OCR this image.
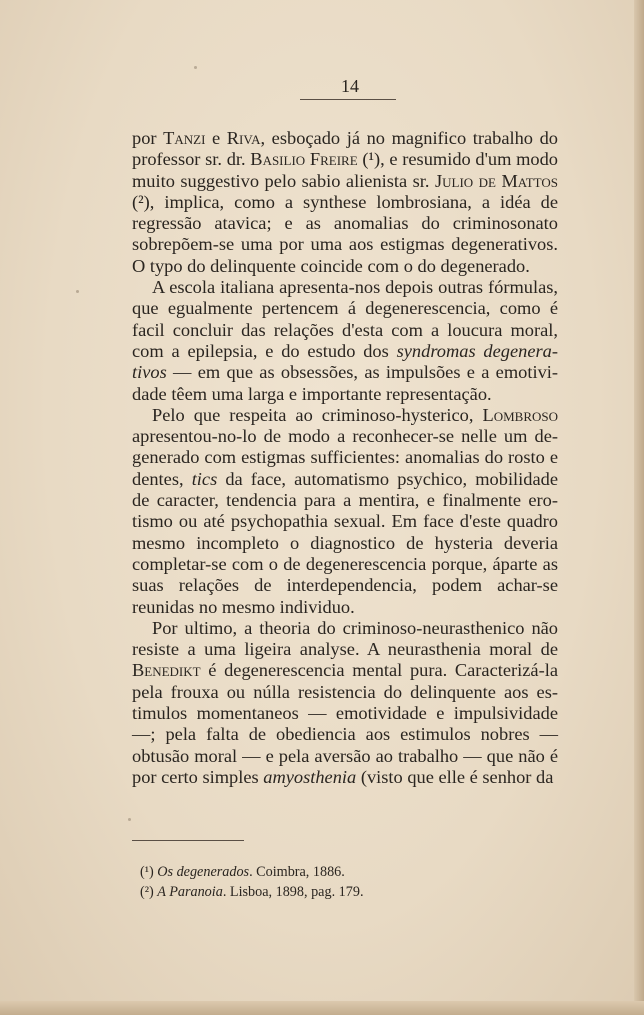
14

por Tanzi e Riva, esboçado já no magnifico trabalho do professor sr. dr. Basilio Freire (¹), e resumido d'um modo muito suggestivo pelo sabio alienista sr. Julio de Mattos (²), implica, como a synthese lombrosiana, a idéa de regressão atavica; e as anomalias do criminosonato sobrepõem-se uma por uma aos estigmas degenerativos. O typo do delinquente coincide com o do degenerado.

A escola italiana apresenta-nos depois outras fórmulas, que egualmente pertencem á degenerescencia, como é facil concluir das relações d'esta com a loucura moral, com a epilepsia, e do estudo dos syndromas degenerativos — em que as obsessões, as impulsões e a emotividade têem uma larga e importante representação.

Pelo que respeita ao criminoso-hysterico, Lombroso apresentou-no-lo de modo a reconhecer-se nelle um degenerado com estigmas sufficientes: anomalias do rosto e dentes, tics da face, automatismo psychico, mobilidade de caracter, tendencia para a mentira, e finalmente erotismo ou até psychopathia sexual. Em face d'este quadro mesmo incompleto o diagnostico de hysteria deveria completar-se com o de degenerescencia porque, ápartе as suas relações de interdependencia, podem achar-se reunidas no mesmo individuo.

Por ultimo, a theoria do criminoso-neurasthenico não resiste a uma ligeira analyse. A neurasthenia moral de Benedikt é degenerescencia mental pura. Caracterizá-la pela frouxa ou núlla resistencia do delinquente aos estimulos momentaneos — emotividade e impulsividade —; pela falta de obediencia aos estimulos nobres — obtusão moral — e pela aversão ao trabalho — que não é por certo simples amyosthenia (visto que elle é senhor da

(¹) Os degenerados. Coimbra, 1886.
(²) A Paranoia. Lisboa, 1898, pag. 179.
